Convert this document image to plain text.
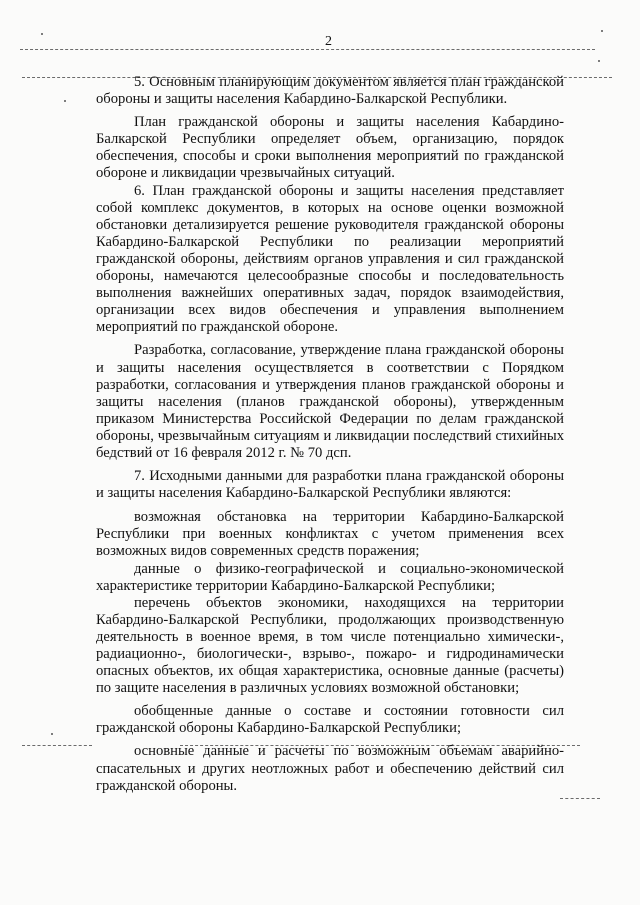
2

5. Основным планирующим документом является план гражданской обороны и защиты населения Кабардино-Балкарской Республики.

План гражданской обороны и защиты населения Кабардино-Балкарской Республики определяет объем, организацию, порядок обеспечения, способы и сроки выполнения мероприятий по гражданской обороне и ликвидации чрезвычайных ситуаций.

6. План гражданской обороны и защиты населения представляет собой комплекс документов, в которых на основе оценки возможной обстановки детализируется решение руководителя гражданской обороны Кабардино-Балкарской Республики по реализации мероприятий гражданской обороны, действиям органов управления и сил гражданской обороны, намечаются целесообразные способы и последовательность выполнения важнейших оперативных задач, порядок взаимодействия, организации всех видов обеспечения и управления выполнением мероприятий по гражданской обороне.

Разработка, согласование, утверждение плана гражданской обороны и защиты населения осуществляется в соответствии с Порядком разработки, согласования и утверждения планов гражданской обороны и защиты населения (планов гражданской обороны), утвержденным приказом Министерства Российской Федерации по делам гражданской обороны, чрезвычайным ситуациям и ликвидации последствий стихийных бедствий от 16 февраля 2012 г. № 70 дсп.

7. Исходными данными для разработки плана гражданской обороны и защиты населения Кабардино-Балкарской Республики являются:

возможная обстановка на территории Кабардино-Балкарской Республики при военных конфликтах с учетом применения всех возможных видов современных средств поражения;

данные о физико-географической и социально-экономической характеристике территории Кабардино-Балкарской Республики;

перечень объектов экономики, находящихся на территории Кабардино-Балкарской Республики, продолжающих производственную деятельность в военное время, в том числе потенциально химически-, радиационно-, биологически-, взрыво-, пожаро- и гидродинамически опасных объектов, их общая характеристика, основные данные (расчеты) по защите населения в различных условиях возможной обстановки;

обобщенные данные о составе и состоянии готовности сил гражданской обороны Кабардино-Балкарской Республики;

основные данные и расчеты по возможным объемам аварийно-спасательных и других неотложных работ и обеспечению действий сил гражданской обороны.
